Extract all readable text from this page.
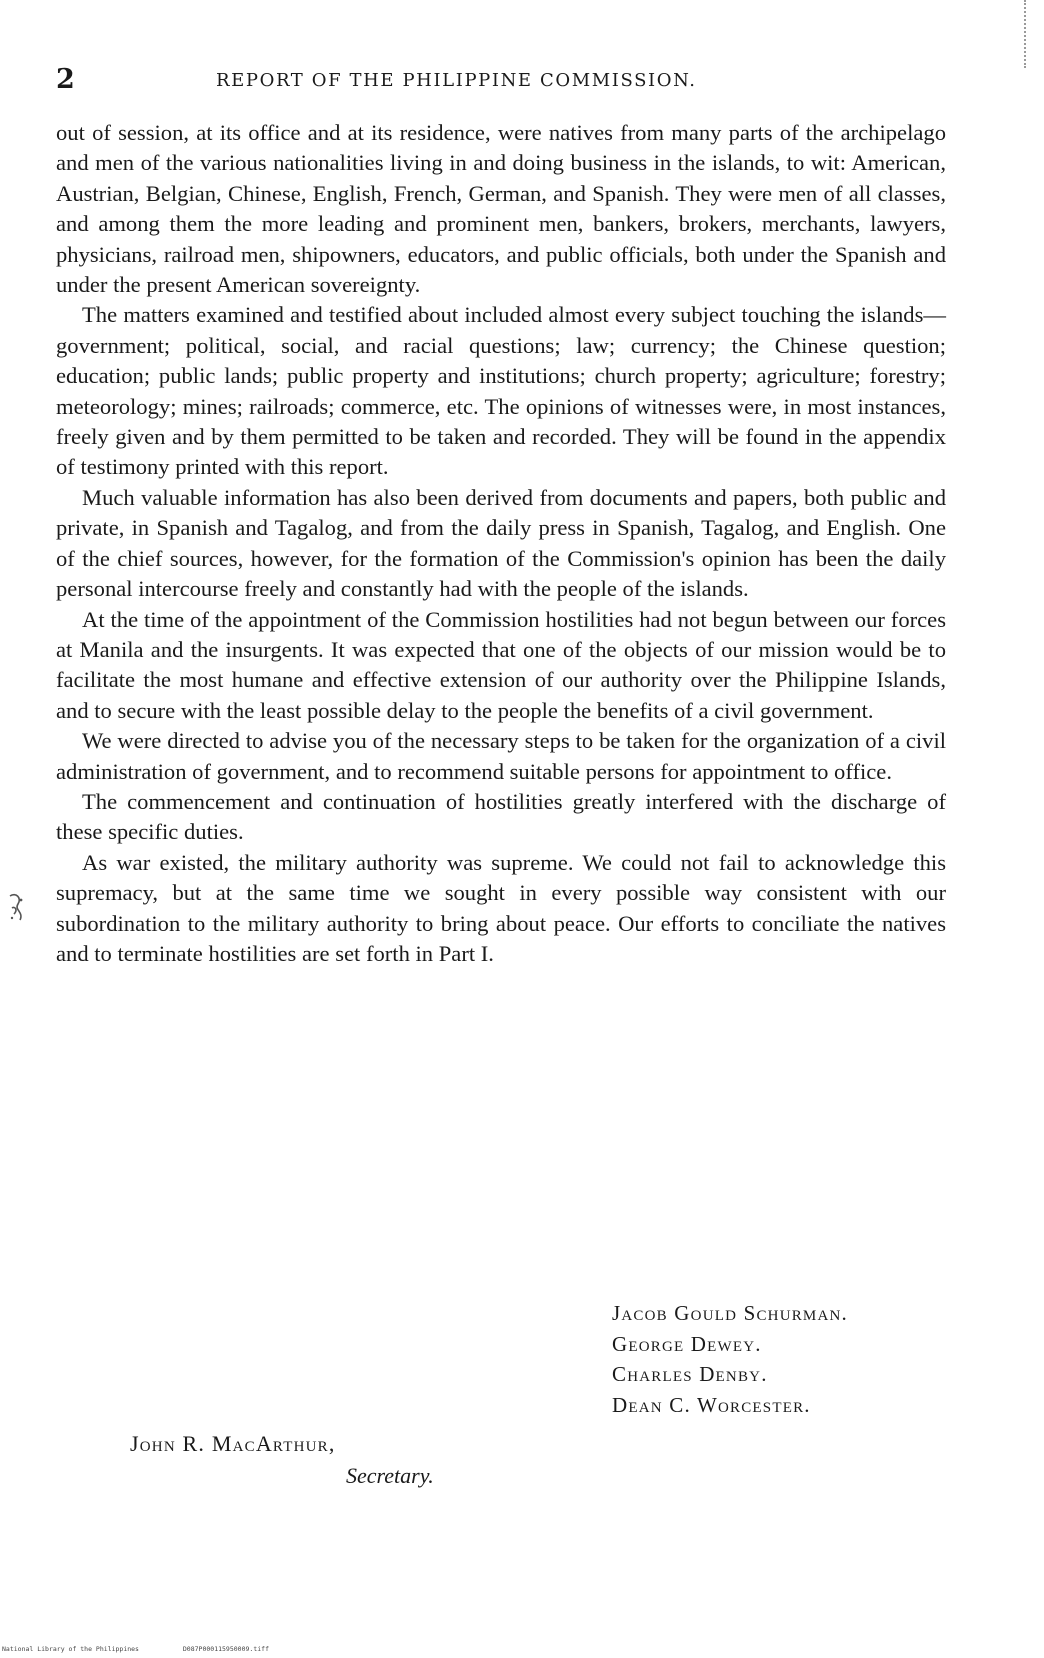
2	REPORT OF THE PHILIPPINE COMMISSION.

out of session, at its office and at its residence, were natives from many parts of the archipelago and men of the various nationalities living in and doing business in the islands, to wit: American, Austrian, Belgian, Chinese, English, French, German, and Spanish. They were men of all classes, and among them the more leading and prominent men, bankers, brokers, merchants, lawyers, physicians, railroad men, shipowners, educators, and public officials, both under the Spanish and under the present American sovereignty.

The matters examined and testified about included almost every subject touching the islands—government; political, social, and racial questions; law; currency; the Chinese question; education; public lands; public property and institutions; church property; agriculture; forestry; meteorology; mines; railroads; commerce, etc. The opinions of witnesses were, in most instances, freely given and by them permitted to be taken and recorded. They will be found in the appendix of testimony printed with this report.

Much valuable information has also been derived from documents and papers, both public and private, in Spanish and Tagalog, and from the daily press in Spanish, Tagalog, and English. One of the chief sources, however, for the formation of the Commission's opinion has been the daily personal intercourse freely and constantly had with the people of the islands.

At the time of the appointment of the Commission hostilities had not begun between our forces at Manila and the insurgents. It was expected that one of the objects of our mission would be to facilitate the most humane and effective extension of our authority over the Philippine Islands, and to secure with the least possible delay to the people the benefits of a civil government.

We were directed to advise you of the necessary steps to be taken for the organization of a civil administration of government, and to recommend suitable persons for appointment to office.

The commencement and continuation of hostilities greatly interfered with the discharge of these specific duties.

As war existed, the military authority was supreme. We could not fail to acknowledge this supremacy, but at the same time we sought in every possible way consistent with our subordination to the military authority to bring about peace. Our efforts to conciliate the natives and to terminate hostilities are set forth in Part I.

Jacob Gould Schurman.
George Dewey.
Charles Denby.
Dean C. Worcester.
John R. MacArthur,
Secretary.
National Library of the Philippines	D087P000115950009.tiff
